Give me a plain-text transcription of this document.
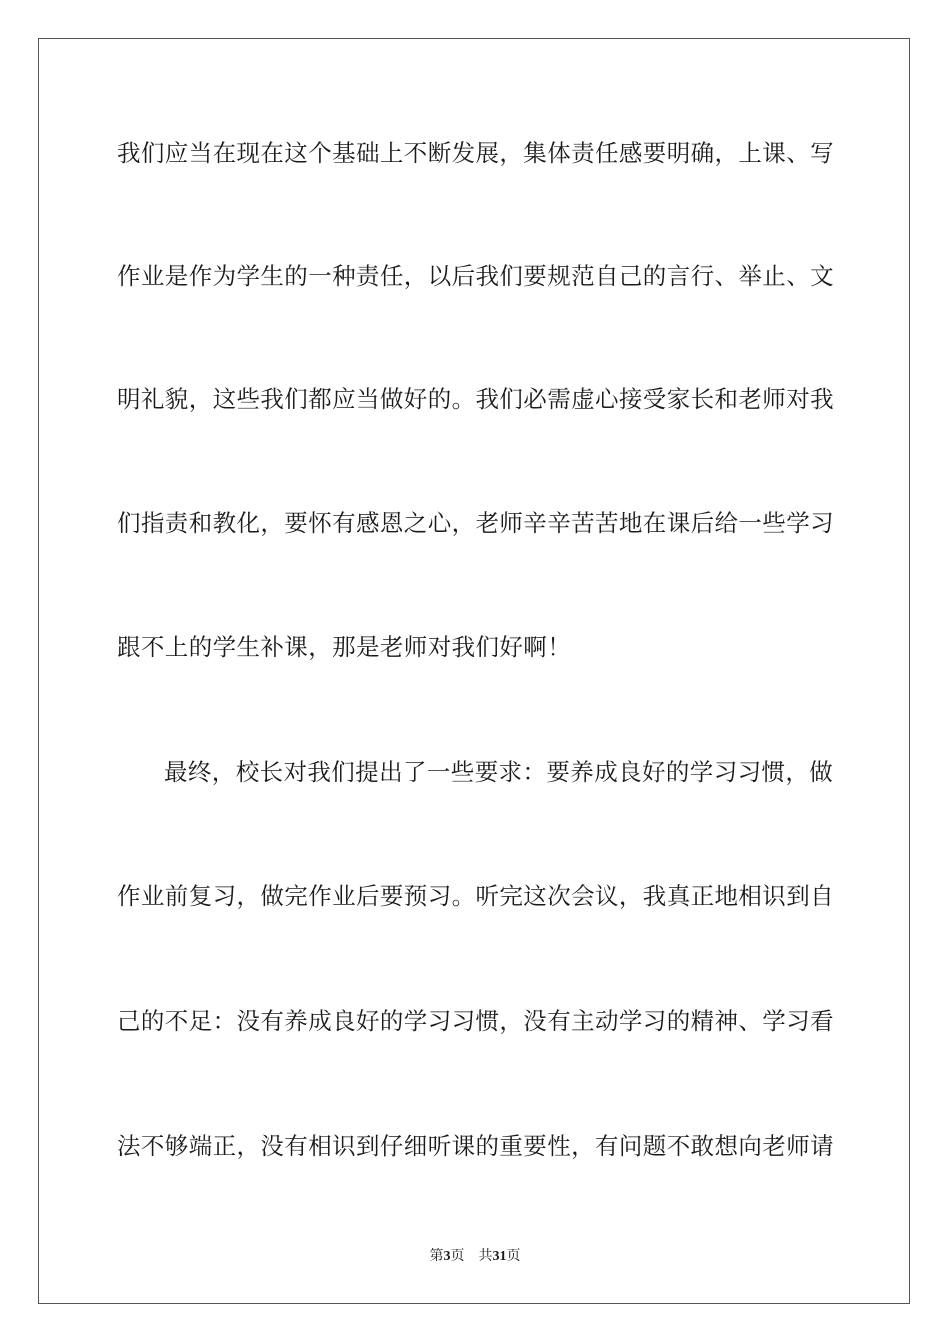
我们应当在现在这个基础上不断发展，集体责任感要明确，上课、写
作业是作为学生的一种责任，以后我们要规范自己的言行、举止、文
明礼貌，这些我们都应当做好的。我们必需虚心接受家长和老师对我
们指责和教化，要怀有感恩之心，老师辛辛苦苦地在课后给一些学习
跟不上的学生补课，那是老师对我们好啊！
最终，校长对我们提出了一些要求：要养成良好的学习习惯，做
作业前复习，做完作业后要预习。听完这次会议，我真正地相识到自
己的不足：没有养成良好的学习习惯，没有主动学习的精神、学习看
法不够端正，没有相识到仔细听课的重要性，有问题不敢想向老师请
第3页 共31页
